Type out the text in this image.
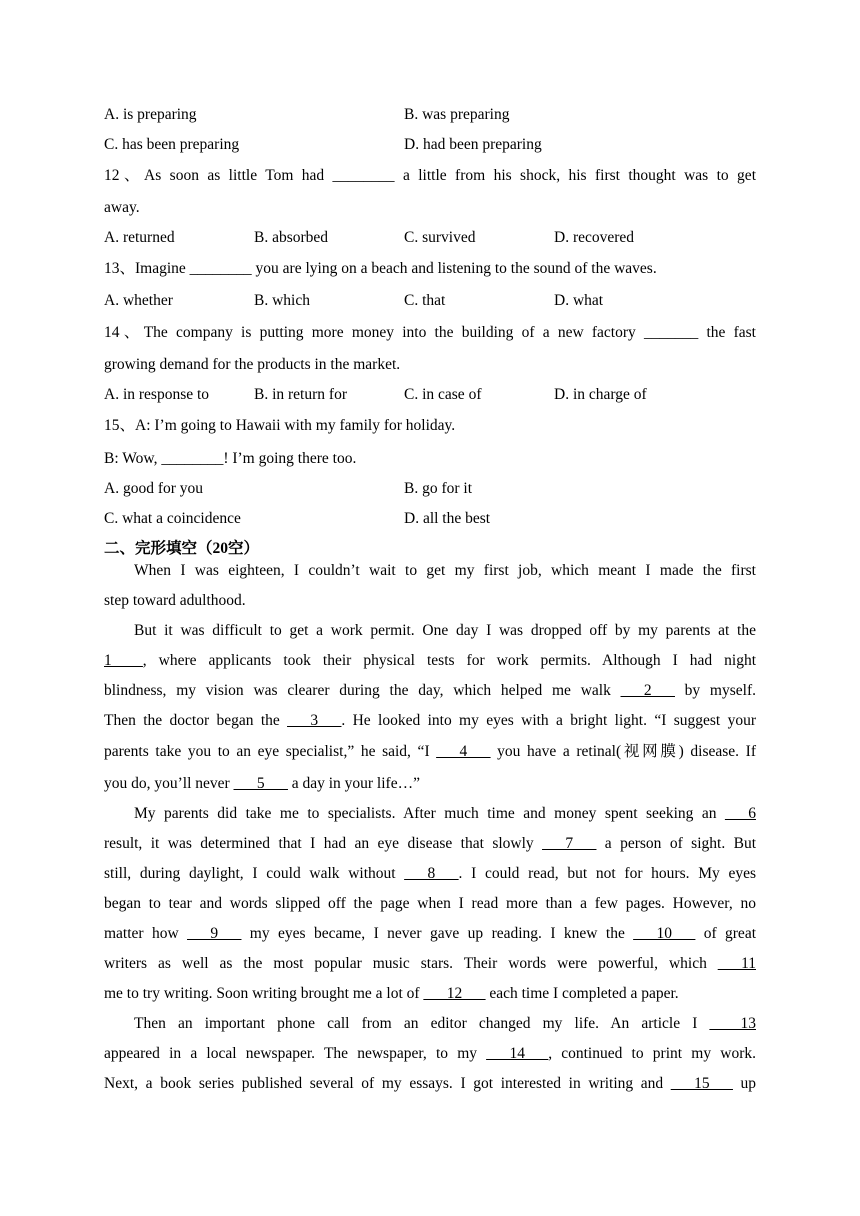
A. is preparing	B. was preparing
C. has been preparing	D. had been preparing
12、As soon as little Tom had ________ a little from his shock, his first thought was to get
away.
A. returned	B. absorbed	C. survived	D. recovered
13、Imagine ________ you are lying on a beach and listening to the sound of the waves.
A. whether	B. which	C. that	D. what
14、The company is putting more money into the building of a new factory _______ the fast
growing demand for the products in the market.
A. in response to	B. in return for	C. in case of	D. in charge of
15、A: I’m going to Hawaii with my family for holiday.
B: Wow, ________! I’m going there too.
A. good for you	B. go for it
C. what a coincidence	D. all the best
二、完形填空（20空）
When I was eighteen, I couldn’t wait to get my first job, which meant I made the first
step toward adulthood.
But it was difficult to get a work permit. One day I was dropped off by my parents at the
1____, where applicants took their physical tests for work permits. Although I had night
blindness, my vision was clearer during the day, which helped me walk ___2___ by myself.
Then the doctor began the ___3___. He looked into my eyes with a bright light. “I suggest your
parents take you to an eye specialist,” he said, “I ___4___ you have a retinal(视网膜) disease. If
you do, you’ll never ___5___ a day in your life…”
My parents did take me to specialists. After much time and money spent seeking an ___6
result, it was determined that I had an eye disease that slowly ___7___ a person of sight. But
still, during daylight, I could walk without ___8___. I could read, but not for hours. My eyes
began to tear and words slipped off the page when I read more than a few pages. However, no
matter how ___9___ my eyes became, I never gave up reading. I knew the ___10___ of great
writers as well as the most popular music stars. Their words were powerful, which ___11
me to try writing. Soon writing brought me a lot of ___12___ each time I completed a paper.
Then an important phone call from an editor changed my life. An article I ____13
appeared in a local newspaper. The newspaper, to my ___14___, continued to print my work.
Next, a book series published several of my essays. I got interested in writing and ___15___ up
